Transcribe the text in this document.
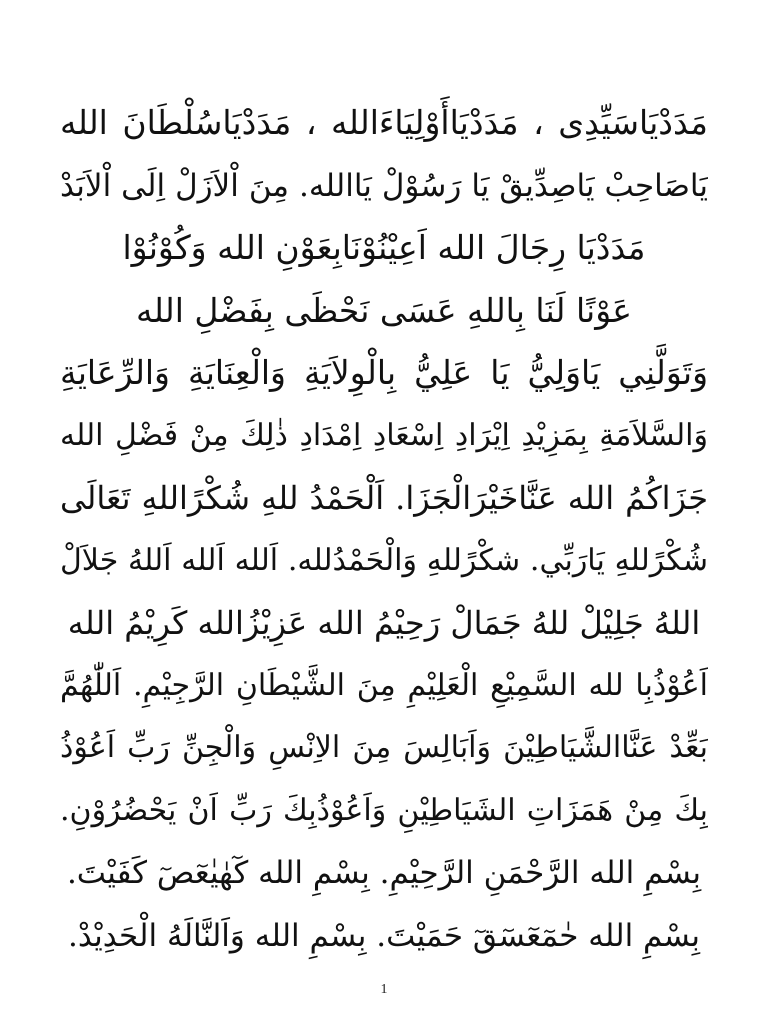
مَدَدْيَاسَيِّدِى ، مَدَدْيَاأَوْلِيَاءَالله ، مَدَدْيَاسُلْطَانَ الله
يَاصَاحِبْ يَاصِدِّيقْ يَا رَسُوْلْ يَاالله. مِنَ اْلاَزَلْ اِلَى اْلاَبَدْ
مَدَدْيَا رِجَالَ الله اَعِيْنُوْنَابِعَوْنِ الله وَكُوْنُوْا
عَوْنًا لَنَا بِاللهِ عَسَى نَحْظَى بِفَضْلِ الله
وَتَوَلَّنِي يَاوَلِيُّ يَا عَلِيُّ بِالْوِلاَيَةِ وَالْعِنَايَةِ وَالرِّعَايَةِ
وَالسَّلاَمَةِ بِمَزِيْدِ اِيْرَادِ اِسْعَادِ اِمْدَادِ ذٰلِكَ مِنْ فَضْلِ الله
جَزَاكُمُ الله عَنَّاخَيْرَالْجَزَا. اَلْحَمْدُ للهِ شُكْرًاللهِ تَعَالَى
شُكْرًللهِ يَارَبِّي. شكْرًللهِ وَالْحَمْدُلله. اَلله اَلله اَللهُ جَلاَلْ
اللهُ جَلِيْلْ للهُ جَمَالْ رَحِيْمُ الله عَزِيْزُالله كَرِيْمُ الله
اَعُوْذُبِا لله السَّمِيْعِ الْعَلِيْمِ مِنَ الشَّيْطَانِ الرَّجِيْمِ. اَللّٰهُمَّ
بَعِّدْ عَنَّاالشَّيَاطِيْنَ وَاَبَالِسَ مِنَ الاِنْسِ وَالْجِنِّ رَبِّ اَعُوْذُ
بِكَ مِنْ هَمَزَاتِ الشَيَاطِيْنِ وَاَعُوْذُبِكَ رَبِّ اَنْ يَحْضُرُوْنِ.
بِسْمِ الله الرَّحْمَنِ الرَّحِيْمِ. بِسْمِ الله كٓهٰيٰعٓصٓ كَفَيْتَ.
بِسْمِ الله حٰمٓعٓسٓقٓ حَمَيْتَ. بِسْمِ الله وَاَلنَّالَهُ الْحَدِيْدْ.
1
